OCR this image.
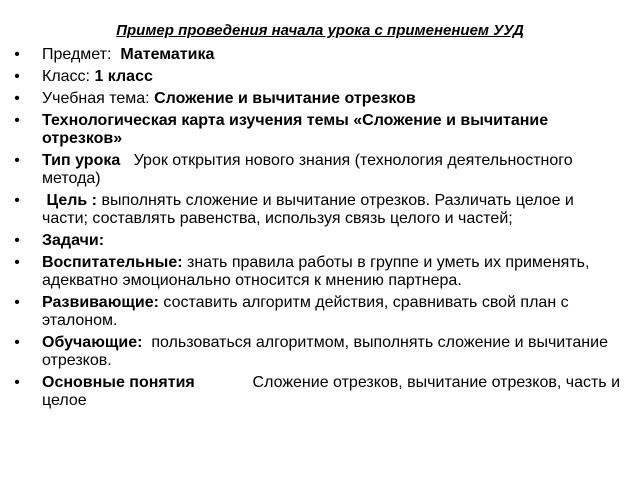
Пример проведения начала урока с применением УУД
• Предмет: Математика
• Класс: 1 класс
• Учебная тема: Сложение и вычитание отрезков
• Технологическая карта изучения темы «Сложение и вычитание отрезков»
• Тип урока Урок открытия нового знания (технология деятельностного метода)
• Цель : выполнять сложение и вычитание отрезков. Различать целое и части; составлять равенства, используя связь целого и частей;
• Задачи:
• Воспитательные: знать правила работы в группе и уметь их применять, адекватно эмоционально относится к мнению партнера.
• Развивающие: составить алгоритм действия, сравнивать свой план с эталоном.
• Обучающие: пользоваться алгоритмом, выполнять сложение и вычитание отрезков.
• Основные понятия	Сложение отрезков, вычитание отрезков, часть и целое
